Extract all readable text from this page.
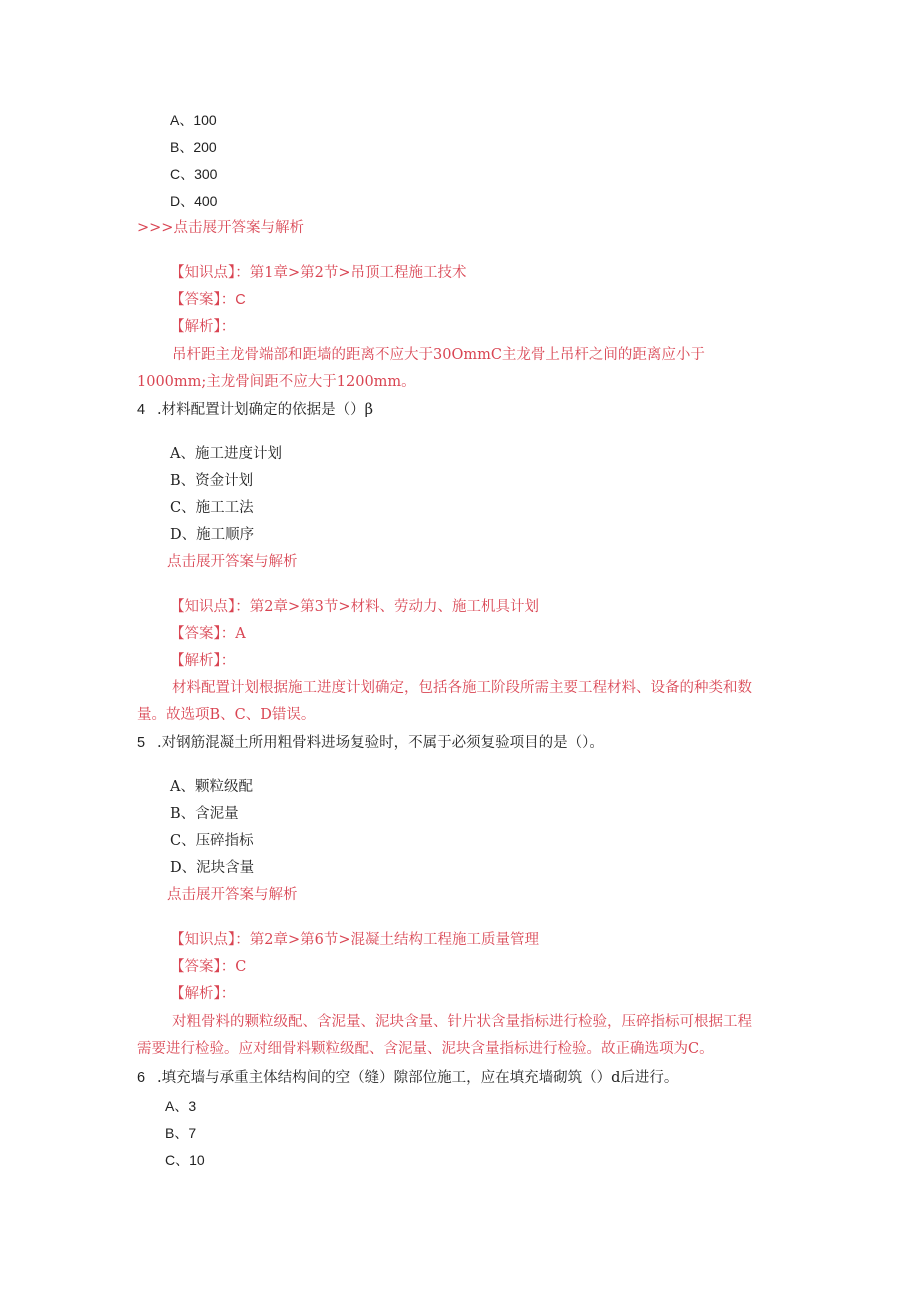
A、100
B、200
C、300
D、400
>>>点击展开答案与解析
【知识点】：第1章>第2节>吊顶工程施工技术
【答案】：C
【解析】：
吊杆距主龙骨端部和距墙的距离不应大于30OmmC主龙骨上吊杆之间的距离应小于
1000mm;主龙骨间距不应大于1200mm。
4 .材料配置计划确定的依据是（）β
A、施工进度计划
B、资金计划
C、施工工法
D、施工顺序
点击展开答案与解析
【知识点】：第2章>第3节>材料、劳动力、施工机具计划
【答案】：A
【解析】：
材料配置计划根据施工进度计划确定，包括各施工阶段所需主要工程材料、设备的种类和数
量。故选项B、C、D错误。
5 .对钢筋混凝土所用粗骨料进场复验时，不属于必须复验项目的是（）。
A、颗粒级配
B、含泥量
C、压碎指标
D、泥块含量
点击展开答案与解析
【知识点】：第2章>第6节>混凝土结构工程施工质量管理
【答案】：C
【解析】：
对粗骨料的颗粒级配、含泥量、泥块含量、针片状含量指标进行检验，压碎指标可根据工程
需要进行检验。应对细骨料颗粒级配、含泥量、泥块含量指标进行检验。故正确选项为C。
6 .填充墙与承重主体结构间的空（缝）隙部位施工，应在填充墙砌筑（）d后进行。
A、3
B、7
C、10
